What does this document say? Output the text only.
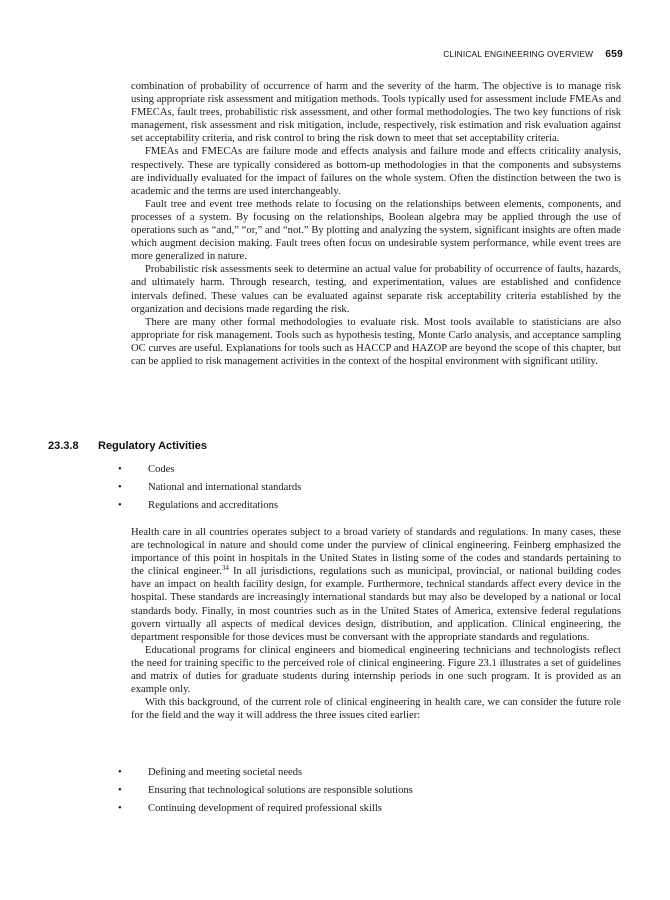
CLINICAL ENGINEERING OVERVIEW 659

combination of probability of occurrence of harm and the severity of the harm. The objective is to manage risk using appropriate risk assessment and mitigation methods. Tools typically used for assessment include FMEAs and FMECAs, fault trees, probabilistic risk assessment, and other formal methodologies. The two key functions of risk management, risk assessment and risk mitigation, include, respectively, risk estimation and risk evaluation against set acceptability criteria, and risk control to bring the risk down to meet that set acceptability criteria.

FMEAs and FMECAs are failure mode and effects analysis and failure mode and effects criticality analysis, respectively. These are typically considered as bottom-up methodologies in that the components and subsystems are individually evaluated for the impact of failures on the whole system. Often the distinction between the two is academic and the terms are used interchangeably.

Fault tree and event tree methods relate to focusing on the relationships between elements, components, and processes of a system. By focusing on the relationships, Boolean algebra may be applied through the use of operations such as “and,” “or,” and “not.” By plotting and analyzing the system, significant insights are often made which augment decision making. Fault trees often focus on undesirable system performance, while event trees are more generalized in nature.

Probabilistic risk assessments seek to determine an actual value for probability of occurrence of faults, hazards, and ultimately harm. Through research, testing, and experimentation, values are established and confidence intervals defined. These values can be evaluated against separate risk acceptability criteria established by the organization and decisions made regarding the risk.

There are many other formal methodologies to evaluate risk. Most tools available to statisticians are also appropriate for risk management. Tools such as hypothesis testing, Monte Carlo analysis, and acceptance sampling OC curves are useful. Explanations for tools such as HACCP and HAZOP are beyond the scope of this chapter, but can be applied to risk management activities in the context of the hospital environment with significant utility.

23.3.8 Regulatory Activities
• Codes
• National and international standards
• Regulations and accreditations

Health care in all countries operates subject to a broad variety of standards and regulations. In many cases, these are technological in nature and should come under the purview of clinical engineering. Feinberg emphasized the importance of this point in hospitals in the United States in listing some of the codes and standards pertaining to the clinical engineer.$^{34}$ In all jurisdictions, regulations such as municipal, provincial, or national building codes have an impact on health facility design, for example. Furthermore, technical standards affect every device in the hospital. These standards are increasingly international standards but may also be developed by a national or local standards body. Finally, in most countries such as in the United States of America, extensive federal regulations govern virtually all aspects of medical devices design, distribution, and application. Clinical engineering, the department responsible for those devices must be conversant with the appropriate standards and regulations.

Educational programs for clinical engineers and biomedical engineering technicians and technologists reflect the need for training specific to the perceived role of clinical engineering. Figure 23.1 illustrates a set of guidelines and matrix of duties for graduate students during internship periods in one such program. It is provided as an example only.

With this background, of the current role of clinical engineering in health care, we can consider the future role for the field and the way it will address the three issues cited earlier:

• Defining and meeting societal needs
• Ensuring that technological solutions are responsible solutions
• Continuing development of required professional skills
